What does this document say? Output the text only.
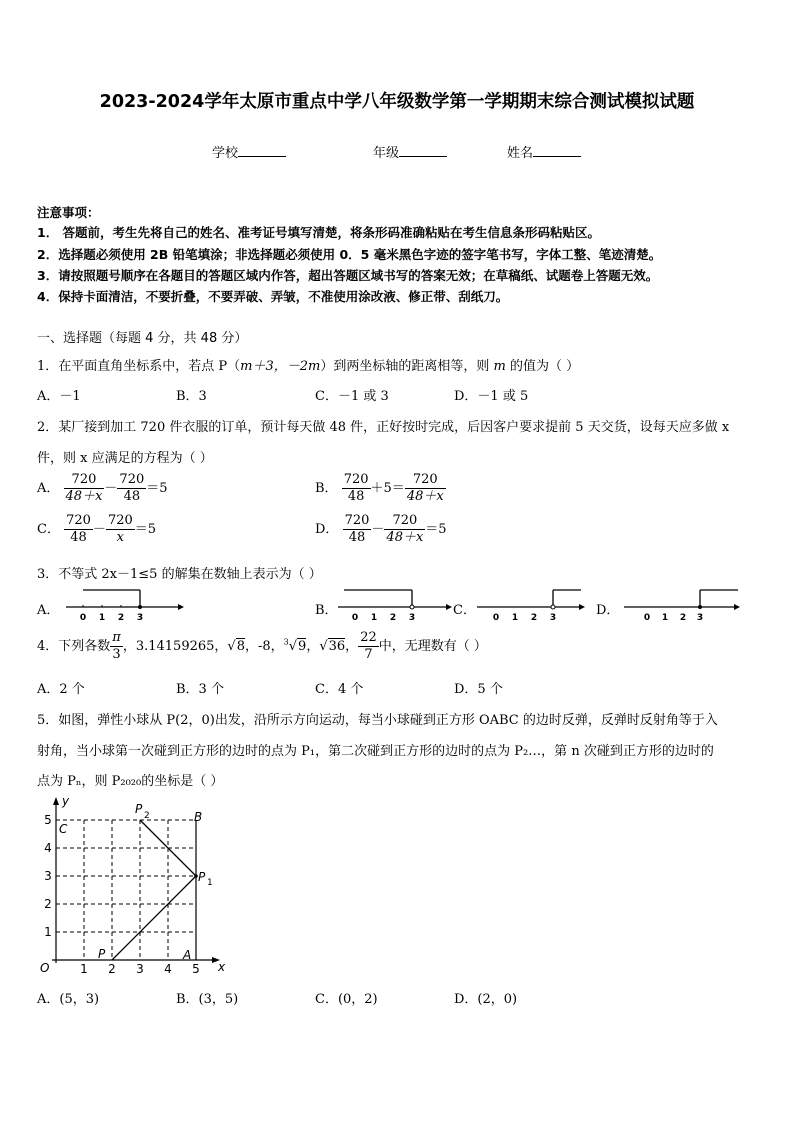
2023-2024学年太原市重点中学八年级数学第一学期期末综合测试模拟试题
学校	年级	姓名
注意事项：
1． 答题前，考生先将自己的姓名、准考证号填写清楚，将条形码准确粘贴在考生信息条形码粘贴区。
2．选择题必须使用 2B 铅笔填涂；非选择题必须使用 0．5 毫米黑色字迹的签字笔书写，字体工整、笔迹清楚。
3．请按照题号顺序在各题目的答题区域内作答，超出答题区域书写的答案无效；在草稿纸、试题卷上答题无效。
4．保持卡面清洁，不要折叠，不要弄破、弄皱，不准使用涂改液、修正带、刮纸刀。
一、选择题（每题 4 分，共 48 分）
1．在平面直角坐标系中，若点 P（m＋3，－2m）到两坐标轴的距离相等，则 m 的值为（ ）
A．－1	B．3	C．－1 或 3	D．－1 或 5
2．某厂接到加工 720 件衣服的订单，预计每天做 48 件，正好按时完成，后因客户要求提前 5 天交货，设每天应多做 x
件，则 x 应满足的方程为（ ）
A． $\frac{720}{48+x} - \frac{720}{48} =5$	B． $\frac{720}{48} +5= \frac{720}{48+x}$
C． $\frac{720}{48} - \frac{720}{x} =5$	D． $\frac{720}{48} - \frac{720}{48+x} =5$
3．不等式 2x－1≤5 的解集在数轴上表示为（ ）
A． 0 1 2 3	B． 0 1 2 3	C． 0 1 2 3	D．	0 1 2 3
4．下列各数 $\frac{\pi}{3}$ ，3.14159265，√8，-8，$^3$√9，√36， $\frac{22}{7}$ 中，无理数有（ ）
A．2 个	B．3 个	C．4 个	D．5 个
5．如图，弹性小球从 P(2，0)出发，沿所示方向运动，每当小球碰到正方形 OABC 的边时反弹，反弹时反射角等于入
射角，当小球第一次碰到正方形的边时的点为 P₁，第二次碰到正方形的边时的点为 P₂…，第 n 次碰到正方形的边时的
点为 Pₙ，则 P₂₀₂₀的坐标是（ ）
y
x
O
C
B
A
P
P
P
1
2
1 2 3 4 5
1
2
3
4
5
A．(5，3)	B．(3，5)	C．(0，2)	D．(2，0)
